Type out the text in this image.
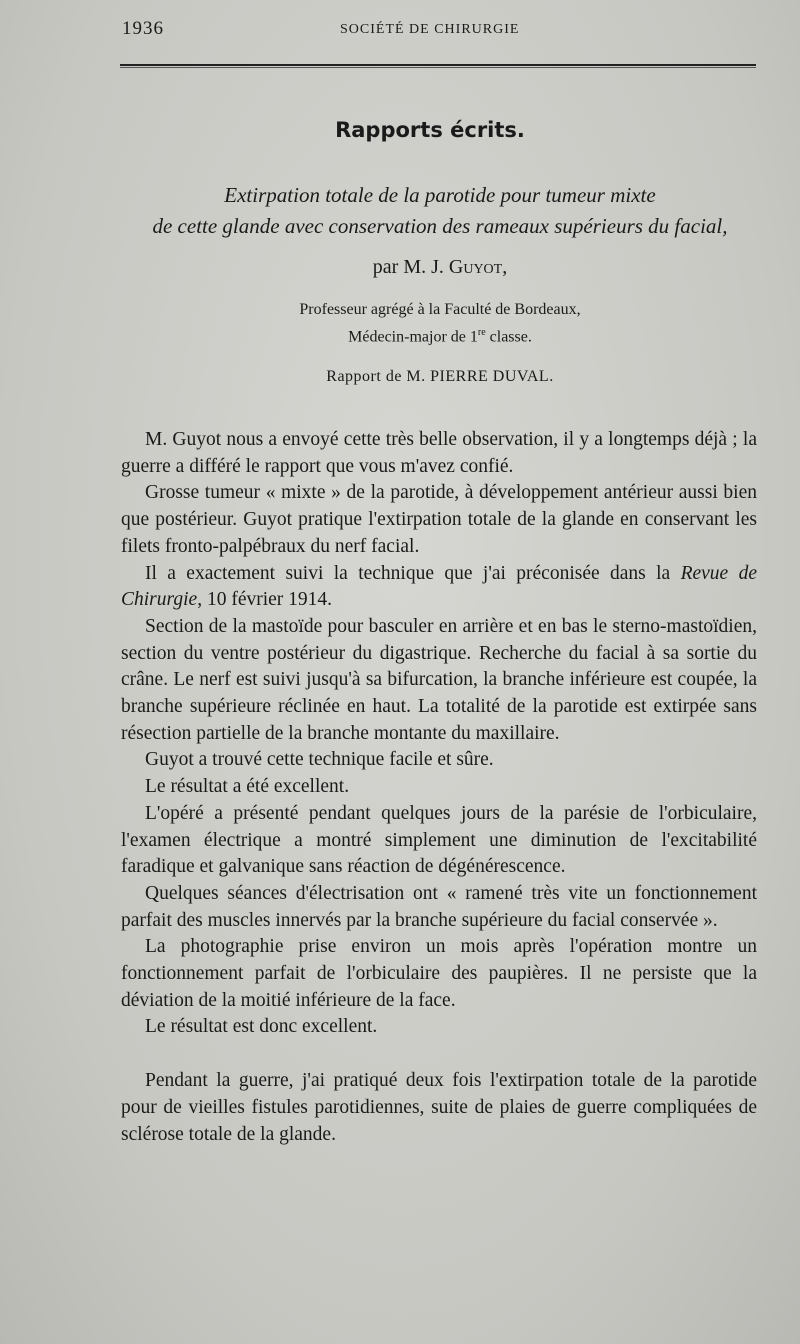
1936	SOCIÉTÉ DE CHIRURGIE
Rapports écrits.
Extirpation totale de la parotide pour tumeur mixte
de cette glande avec conservation des rameaux supérieurs du facial,
par M. J. Guyot,
Professeur agrégé à la Faculté de Bordeaux,
Médecin-major de 1re classe.
Rapport de M. PIERRE DUVAL.

M. Guyot nous a envoyé cette très belle observation, il y a longtemps déjà ; la guerre a différé le rapport que vous m'avez confié.

Grosse tumeur « mixte » de la parotide, à développement antérieur aussi bien que postérieur. Guyot pratique l'extirpation totale de la glande en conservant les filets fronto-palpébraux du nerf facial.

Il a exactement suivi la technique que j'ai préconisée dans la Revue de Chirurgie, 10 février 1914.

Section de la mastoïde pour basculer en arrière et en bas le sterno-mastoïdien, section du ventre postérieur du digastrique. Recherche du facial à sa sortie du crâne. Le nerf est suivi jusqu'à sa bifurcation, la branche inférieure est coupée, la branche supérieure réclinée en haut. La totalité de la parotide est extirpée sans résection partielle de la branche montante du maxillaire.

Guyot a trouvé cette technique facile et sûre.

Le résultat a été excellent.

L'opéré a présenté pendant quelques jours de la parésie de l'orbiculaire, l'examen électrique a montré simplement une diminution de l'excitabilité faradique et galvanique sans réaction de dégénérescence.

Quelques séances d'électrisation ont « ramené très vite un fonctionnement parfait des muscles innervés par la branche supérieure du facial conservée ».

La photographie prise environ un mois après l'opération montre un fonctionnement parfait de l'orbiculaire des paupières. Il ne persiste que la déviation de la moitié inférieure de la face.

Le résultat est donc excellent.

Pendant la guerre, j'ai pratiqué deux fois l'extirpation totale de la parotide pour de vieilles fistules parotidiennes, suite de plaies de guerre compliquées de sclérose totale de la glande.
